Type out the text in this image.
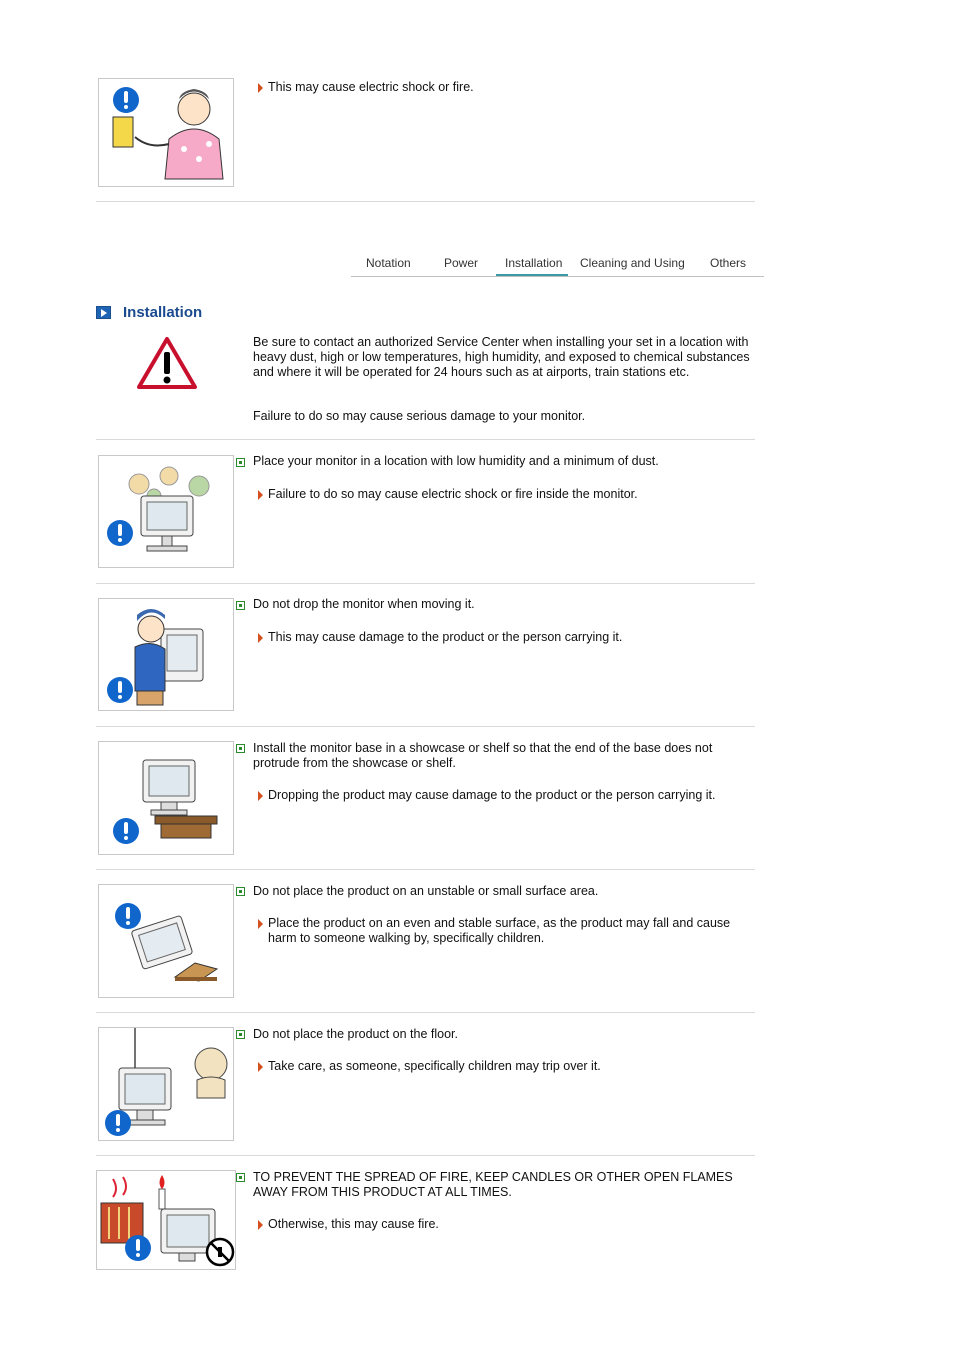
This may cause electric shock or fire.
Notation	Power Installation Cleaning and Using Others
Installation
Be sure to contact an authorized Service Center when installing your set in a location with heavy dust, high or low temperatures, high humidity, and exposed to chemical substances and where it will be operated for 24 hours such as at airports, train stations etc.
Failure to do so may cause serious damage to your monitor.
Place your monitor in a location with low humidity and a minimum of dust.
Failure to do so may cause electric shock or fire inside the monitor.
Do not drop the monitor when moving it.
This may cause damage to the product or the person carrying it.
Install the monitor base in a showcase or shelf so that the end of the base does not protrude from the showcase or shelf.
Dropping the product may cause damage to the product or the person carrying it.
Do not place the product on an unstable or small surface area.
Place the product on an even and stable surface, as the product may fall and cause harm to someone walking by, specifically children.
Do not place the product on the floor.
Take care, as someone, specifically children may trip over it.
TO PREVENT THE SPREAD OF FIRE, KEEP CANDLES OR OTHER OPEN FLAMES AWAY FROM THIS PRODUCT AT ALL TIMES.
Otherwise, this may cause fire.
